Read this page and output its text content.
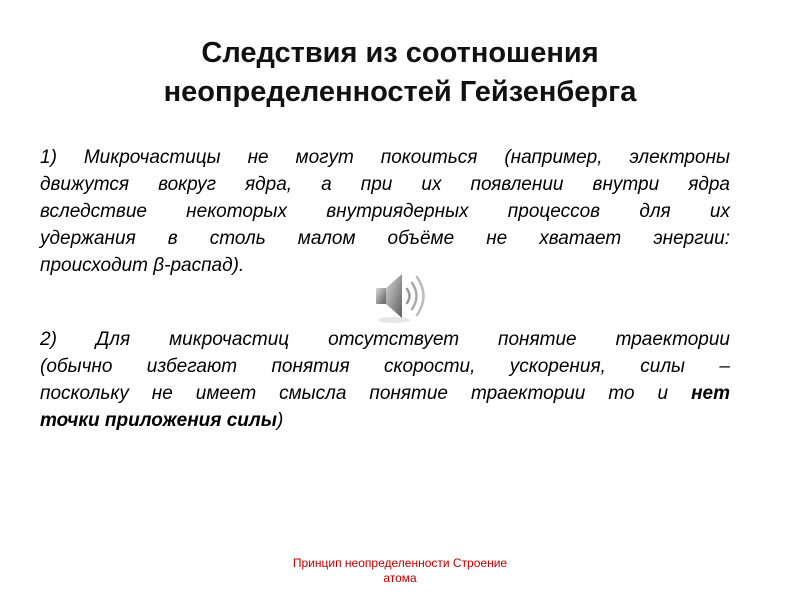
Следствия из соотношения
неопределенностей Гейзенберга
1) Микрочастицы не могут покоиться (например, электроны
движутся вокруг ядра, а при их появлении внутри ядра
вследствие некоторых внутриядерных процессов для их
удержания в столь малом объёме не хватает энергии:
происходит β-распад).
2) Для микрочастиц отсутствует понятие траектории
(обычно избегают понятия скорости, ускорения, силы –
поскольку не имеет смысла понятие траектории то и нет
точки приложения силы)
Принцип неопределенности Строение
атома
